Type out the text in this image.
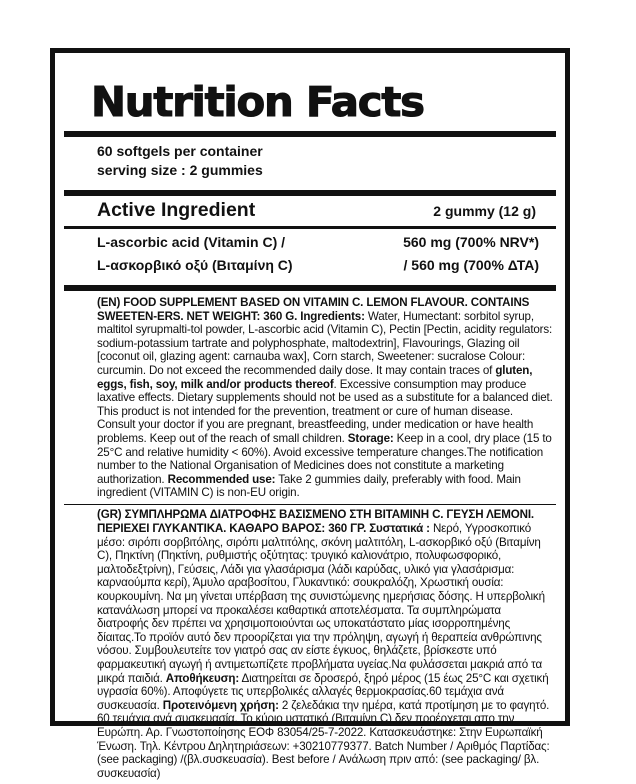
Nutrition Facts
60 softgels per container
serving size : 2 gummies
Active Ingredient	2 gummy (12 g)
L-ascorbic acid (Vitamin C) /	560 mg (700% NRV*)
L-ασκορβικό οξύ (Βιταμίνη C)	/ 560 mg (700% ΔΤΑ)
(EN) FOOD SUPPLEMENT BASED ON VITAMIN C. LEMON FLAVOUR. CONTAINS SWEETEN-ERS. NET WEIGHT: 360 G. Ingredients: Water, Humectant: sorbitol syrup, maltitol syrupmalti-tol powder, L-ascorbic acid (Vitamin C), Pectin [Pectin, acidity regulators: sodium-potassium tartrate and polyphosphate, maltodextrin], Flavourings, Glazing oil [coconut oil, glazing agent: carnauba wax], Corn starch, Sweetener: sucralose Colour: curcumin. Do not exceed the recommended daily dose. It may contain traces of gluten, eggs, fish, soy, milk and/or products thereof. Excessive consumption may produce laxative effects. Dietary supplements should not be used as a substitute for a balanced diet. This product is not intended for the prevention, treatment or cure of human disease. Consult your doctor if you are pregnant, breastfeeding, under medication or have health problems. Keep out of the reach of small children. Storage: Keep in a cool, dry place (15 to 25°C and relative humidity < 60%). Avoid excessive temperature changes.The notification number to the National Organisation of Medicines does not constitute a marketing authorization. Recommended use: Take 2 gummies daily, preferably with food. Main ingredient (VITAMIN C) is non-EU origin.
(GR) ΣΥΜΠΛΗΡΩΜΑ ΔΙΑΤΡΟΦΗΣ ΒΑΣΙΣΜΕΝΟ ΣΤΗ ΒΙΤΑΜΙΝΗ C. ΓΕΥΣΗ ΛΕΜΟΝΙ. ΠΕΡΙΕΧΕΙ ΓΛΥΚΑΝΤΙΚΑ. ΚΑΘΑΡΟ ΒΑΡΟΣ: 360 ΓΡ. Συστατικά : Νερό, Υγροσκοπικό μέσο: σιρόπι σορβιτόλης, σιρόπι μαλτιτόλης, σκόνη μαλτιτόλη, L-ασκορβικό οξύ (Βιταμίνη C), Πηκτίνη (Πηκτίνη, ρυθμιστής οξύτητας: τρυγικό καλιονάτριο, πολυφωσφορικό, μαλτοδεξτρίνη), Γεύσεις, Λάδι για γλασάρισμα (λάδι καρύδας, υλικό για γλασάρισμα: καρναούμπα κερί), Άμυλο αραβοσίτου, Γλυκαντικό: σουκραλόζη, Χρωστική ουσία: κουρκουμίνη. Να μη γίνεται υπέρβαση της συνιστώμενης ημερήσιας δόσης. Η υπερβολική κατανάλωση μπορεί να προκαλέσει καθαρτικά αποτελέσματα. Τα συμπληρώματα διατροφής δεν πρέπει να χρησιμοποιούνται ως υποκατάστατο μίας ισορροπημένης δίαιτας.Το προϊόν αυτό δεν προορίζεται για την πρόληψη, αγωγή ή θεραπεία ανθρώπινης νόσου. Συμβουλευτείτε τον γιατρό σας αν είστε έγκυος, θηλάζετε, βρίσκεστε υπό φαρμακευτική αγωγή ή αντιμετωπίζετε προβλήματα υγείας.Να φυλάσσεται μακριά από τα μικρά παιδιά. Αποθήκευση: Διατηρείται σε δροσερό, ξηρό μέρος (15 έως 25°C και σχετική υγρασία 60%). Αποφύγετε τις υπερβολικές αλλαγές θερμοκρασίας.60 τεμάχια ανά συσκευασία. Προτεινόμενη χρήση: 2 ζελεδάκια την ημέρα, κατά προτίμηση με το φαγητό. 60 τεμάχια ανά συσκευασία. Το κύριο υστατικό (Βιταμίνη C) δεν προέρχεται απο την Ευρώπη. Αρ. Γνωστοποίησης ΕΟΦ 83054/25-7-2022. Κατασκευάστηκε: Στην Ευρωπαϊκή Ένωση. Τηλ. Κέντρου Δηλητηριάσεων: +30210779377. Batch Number / Αριθμός Παρτίδας: (see packaging) /(βλ.συσκευασία). Best before / Ανάλωση πριν από: (see packaging/ βλ. συσκευασία)
